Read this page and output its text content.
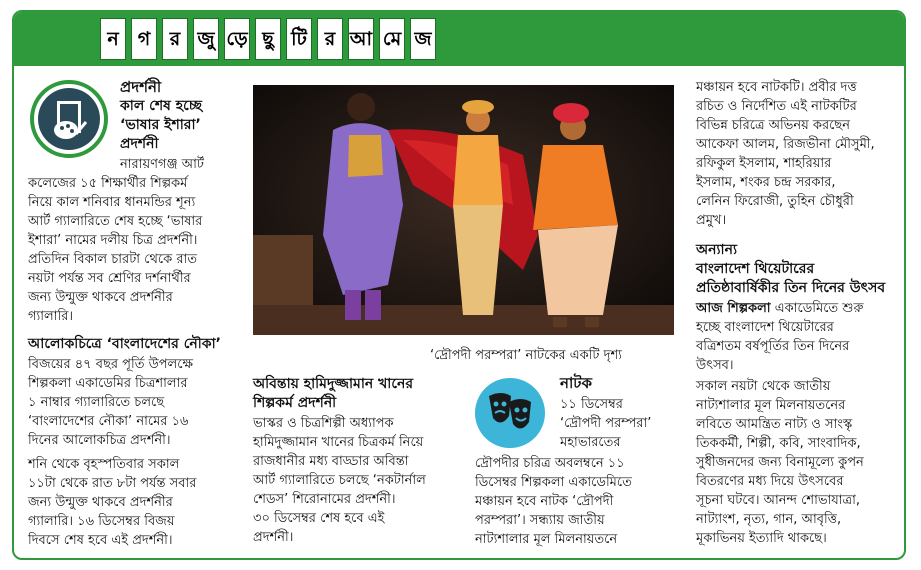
ন	গ	র জু ড়ে ছু টি র আ মে জ
প্রদর্শনী
কাল শেষ হচ্ছে
‘ভাষার ইশারা’
প্রদর্শনী
নারায়ণগঞ্জ আর্ট
কলেজের ১৫ শিক্ষার্থীর শিল্পকর্ম
নিয়ে কাল শনিবার ধানমন্ডির শূন্য
আর্ট গ্যালারিতে শেষ হচ্ছে ‘ভাষার
ইশারা’ নামের দলীয় চিত্র প্রদর্শনী।
প্রতিদিন বিকাল চারটা থেকে রাত
নয়টা পর্যন্ত সব শ্রেণির দর্শনার্থীর
জন্য উন্মুক্ত থাকবে প্রদর্শনীর
গ্যালারি।
আলোকচিত্রে ‘বাংলাদেশের নৌকা’
বিজয়ের ৪৭ বছর পূর্তি উপলক্ষে
শিল্পকলা একাডেমির চিত্রশালার
১ নাম্বার গ্যালারিতে চলছে
‘বাংলাদেশের নৌকা’ নামের ১৬
দিনের আলোকচিত্র প্রদর্শনী।
শনি থেকে বৃহস্পতিবার সকাল
১১টা থেকে রাত ৮টা পর্যন্ত সবার
জন্য উন্মুক্ত থাকবে প্রদর্শনীর
গ্যালারি। ১৬ ডিসেম্বর বিজয়
দিবসে শেষ হবে এই প্রদর্শনী।
‘দ্রৌপদী পরম্পরা’ নাটকের একটি দৃশ্য
অবিন্তায় হামিদুজ্জামান খানের
শিল্পকর্ম প্রদর্শনী
ভাস্কর ও চিত্রশিল্পী অধ্যাপক
হামিদুজ্জামান খানের চিত্রকর্ম নিয়ে
রাজধানীর মধ্য বাড্ডার অবিন্তা
আর্ট গ্যালারিতে চলছে ‘নকটার্নাল
শেডস’ শিরোনামের প্রদর্শনী।
৩০ ডিসেম্বর শেষ হবে এই
প্রদর্শনী।
নাটক
১১ ডিসেম্বর
‘দ্রৌপদী পরম্পরা’
মহাভারতের
দ্রৌপদীর চরিত্র অবলম্বনে ১১
ডিসেম্বর শিল্পকলা একাডেমিতে
মঞ্চায়ন হবে নাটক ‘দ্রৌপদী
পরম্পরা’। সন্ধ্যায় জাতীয়
নাট্যশালার মূল মিলনায়তনে
মঞ্চায়ন হবে নাটকটি। প্রবীর দত্ত
রচিত ও নির্দেশিত এই নাটকটির
বিভিন্ন চরিত্রে অভিনয় করছেন
আকেফা আলম, রিজভীনা মৌসুমী,
রফিকুল ইসলাম, শাহরিয়ার
ইসলাম, শংকর চন্দ্র সরকার,
লেনিন ফিরোজী, তুহিন চৌধুরী
প্রমুখ।
অন্যান্য
বাংলাদেশ থিয়েটারের
প্রতিষ্ঠাবার্ষিকীর তিন দিনের উৎসব
আজ শিল্পকলা একাডেমিতে শুরু
হচ্ছে বাংলাদেশ থিয়েটারের
বত্রিশতম বর্ষপূর্তির তিন দিনের
উৎসব।
সকাল নয়টা থেকে জাতীয়
নাট্যশালার মূল মিলনায়তনের
লবিতে আমন্ত্রিত নাট্য ও সাংস্কৃ
তিককর্মী, শিল্পী, কবি, সাংবাদিক,
সুধীজনদের জন্য বিনামূল্যে কুপন
বিতরণের মধ্য দিয়ে উৎসবের
সূচনা ঘটবে। আনন্দ শোভাযাত্রা,
নাট্যাংশ, নৃত্য, গান, আবৃত্তি,
মূকাভিনয় ইত্যাদি থাকছে।
